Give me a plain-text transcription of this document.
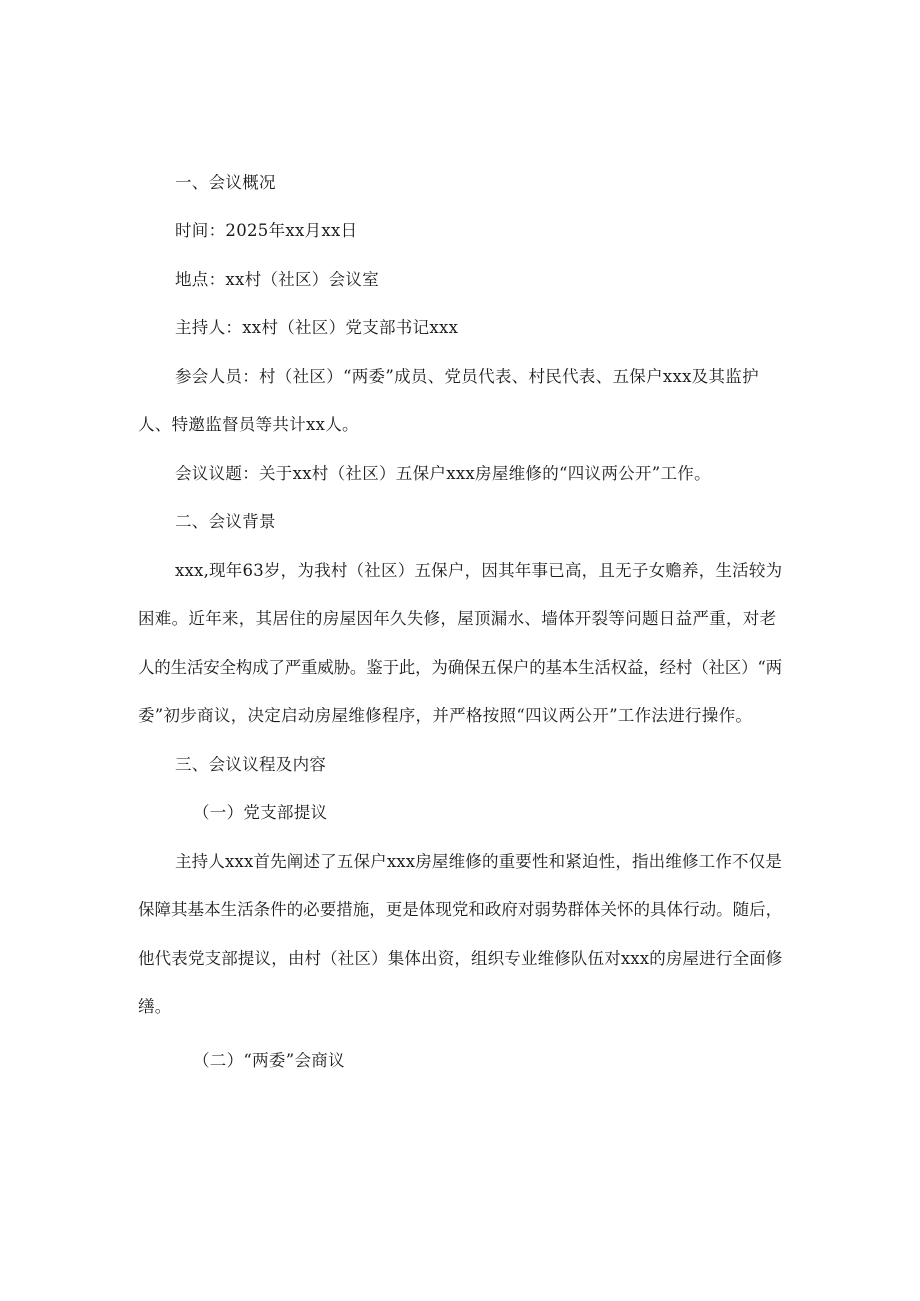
一、会议概况
时间：2025年xx月xx日
地点：xx村（社区）会议室
主持人：xx村（社区）党支部书记xxx
参会人员：村（社区）“两委”成员、党员代表、村民代表、五保户xxx及其监护
人、特邀监督员等共计xx人。
会议议题：关于xx村（社区）五保户xxx房屋维修的“四议两公开”工作。
二、会议背景
xxx,现年63岁，为我村（社区）五保户，因其年事已高，且无子女赡养，生活较为
困难。近年来，其居住的房屋因年久失修，屋顶漏水、墙体开裂等问题日益严重，对老
人的生活安全构成了严重威胁。鉴于此，为确保五保户的基本生活权益，经村（社区）“两
委”初步商议，决定启动房屋维修程序，并严格按照“四议两公开”工作法进行操作。
三、会议议程及内容
（一）党支部提议
主持人xxx首先阐述了五保户xxx房屋维修的重要性和紧迫性，指出维修工作不仅是
保障其基本生活条件的必要措施，更是体现党和政府对弱势群体关怀的具体行动。随后，
他代表党支部提议，由村（社区）集体出资，组织专业维修队伍对xxx的房屋进行全面修
缮。
（二）“两委”会商议
